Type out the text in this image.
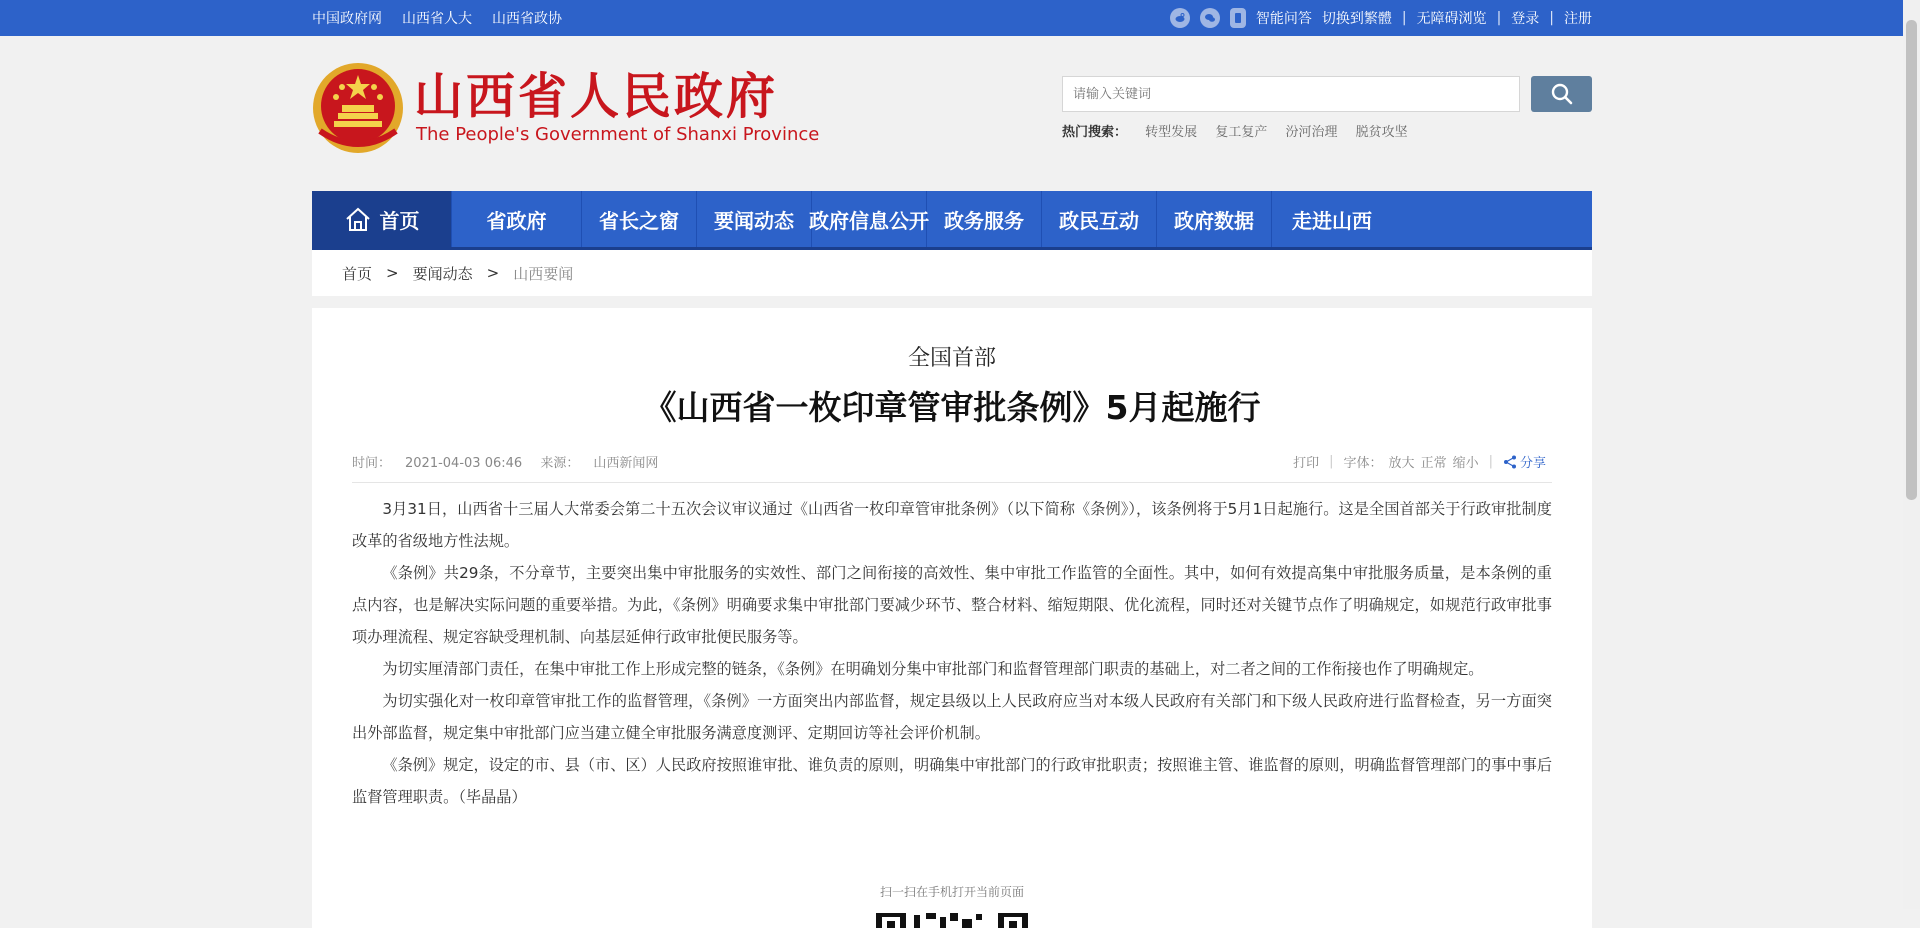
中国政府网 山西省人大 山西省政协	智能问答 切换到繁體 | 无障碍浏览 | 登录 | 注册
山西省人民政府
The People's Government of Shanxi Province
请输入关键词	热门搜索： 转型发展 复工复产 汾河治理 脱贫攻坚
首页	省政府	省长之窗	要闻动态 政府信息公开 政务服务	政民互动	政府数据	走进山西
首页 > 要闻动态 > 山西要闻
全国首部
《山西省一枚印章管审批条例》5月起施行
时间： 2021-04-03 06:46 来源： 山西新闻网	打印 | 字体： 放大 正常 缩小 | 分享

3月31日，山西省十三届人大常委会第二十五次会议审议通过《山西省一枚印章管审批条例》（以下简称《条例》），该条例将于5月1日起施行。这是全国首部关于行政审批制度改革的省级地方性法规。

《条例》共29条，不分章节，主要突出集中审批服务的实效性、部门之间衔接的高效性、集中审批工作监管的全面性。其中，如何有效提高集中审批服务质量，是本条例的重点内容，也是解决实际问题的重要举措。为此，《条例》明确要求集中审批部门要减少环节、整合材料、缩短期限、优化流程，同时还对关键节点作了明确规定，如规范行政审批事项办理流程、规定容缺受理机制、向基层延伸行政审批便民服务等。

为切实厘清部门责任，在集中审批工作上形成完整的链条，《条例》在明确划分集中审批部门和监督管理部门职责的基础上，对二者之间的工作衔接也作了明确规定。

为切实强化对一枚印章管审批工作的监督管理，《条例》一方面突出内部监督，规定县级以上人民政府应当对本级人民政府有关部门和下级人民政府进行监督检查，另一方面突出外部监督，规定集中审批部门应当建立健全审批服务满意度测评、定期回访等社会评价机制。

《条例》规定，设定的市、县（市、区）人民政府按照谁审批、谁负责的原则，明确集中审批部门的行政审批职责；按照谁主管、谁监督的原则，明确监督管理部门的事中事后监督管理职责。（毕晶晶）

扫一扫在手机打开当前页面
